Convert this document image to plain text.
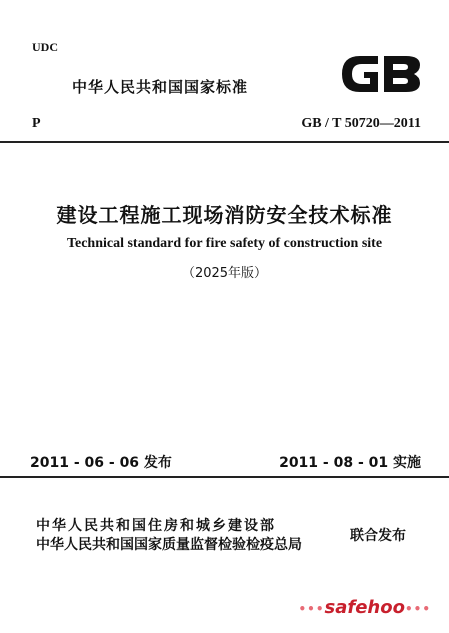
UDC
中华人民共和国国家标准
P	GB / T 50720—2011
建设工程施工现场消防安全技术标准
Technical standard for fire safety of construction site
（2025年版）
2011 - 06 - 06 发布	2011 - 08 - 01 实施
中华人民共和国住房和城乡建设部
中华人民共和国国家质量监督检验检疫总局
联合发布
•••safehoo•••
